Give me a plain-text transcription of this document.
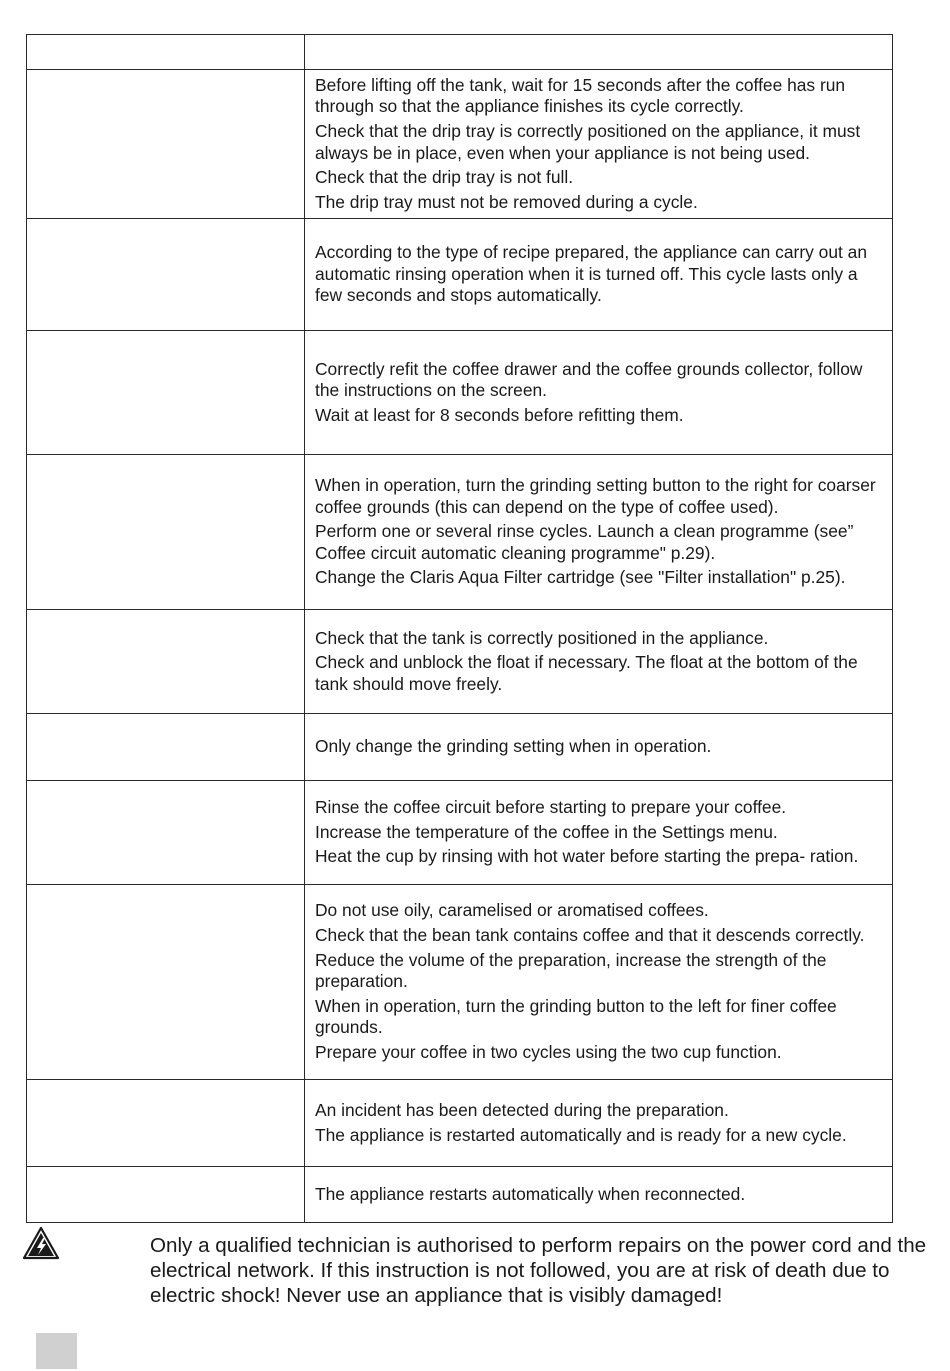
	Before lifting off the tank, wait for 15 seconds after the coffee has run through so that the appliance finishes its cycle correctly.

Check that the drip tray is correctly positioned on the appliance, it must always be in place, even when your appliance is not being used.

Check that the drip tray is not full.

The drip tray must not be removed during a cycle.

	According to the type of recipe prepared, the appliance can carry out an automatic rinsing operation when it is turned off. This cycle lasts only a few seconds and stops automatically.

	Correctly refit the coffee drawer and the coffee grounds collector, follow the instructions on the screen.

Wait at least for 8 seconds before refitting them.

	When in operation, turn the grinding setting button to the right for coarser coffee grounds (this can depend on the type of coffee used).

Perform one or several rinse cycles. Launch a clean programme (see” Coffee circuit automatic cleaning programme" p.29).

Change the Claris Aqua Filter cartridge (see "Filter installation" p.25).

	Check that the tank is correctly positioned in the appliance.

Check and unblock the float if necessary. The float at the bottom of the tank should move freely.

	Only change the grinding setting when in operation.

	Rinse the coffee circuit before starting to prepare your coffee.

Increase the temperature of the coffee in the Settings menu.

Heat the cup by rinsing with hot water before starting the prepa- ration.

	Do not use oily, caramelised or aromatised coffees.

Check that the bean tank contains coffee and that it descends correctly.

Reduce the volume of the preparation, increase the strength of the preparation.

When in operation, turn the grinding button to the left for finer coffee grounds.

Prepare your coffee in two cycles using the two cup function.

	An incident has been detected during the preparation.

The appliance is restarted automatically and is ready for a new cycle.

	The appliance restarts automatically when reconnected.

Only a qualified technician is authorised to perform repairs on the power cord and the electrical network. If this instruction is not followed, you are at risk of death due to electric shock! Never use an appliance that is visibly damaged!
